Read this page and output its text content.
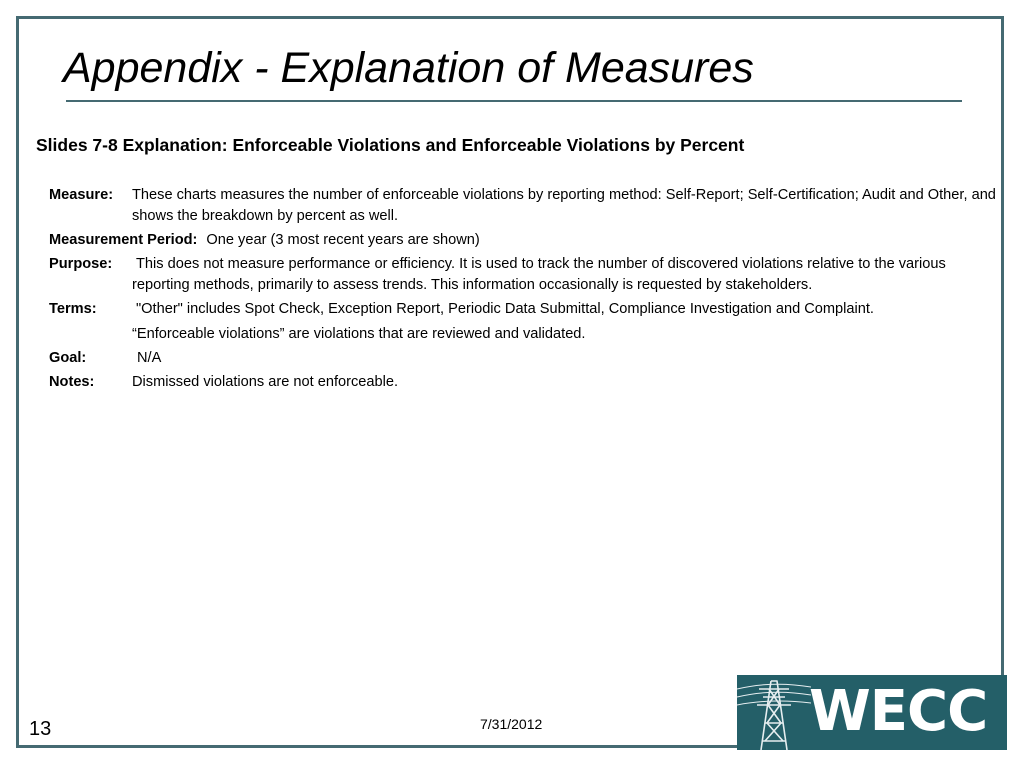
Appendix - Explanation of Measures
Slides 7-8 Explanation: Enforceable Violations and Enforceable Violations by Percent
Measure:	These charts measures the number of enforceable violations by reporting method: Self-Report; Self-Certification; Audit and Other, and shows the breakdown by percent as well.
Measurement Period: One year (3 most recent years are shown)
Purpose:	This does not measure performance or efficiency. It is used to track the number of discovered violations relative to the various reporting methods, primarily to assess trends. This information occasionally is requested by stakeholders.
Terms:	"Other" includes Spot Check, Exception Report, Periodic Data Submittal, Compliance Investigation and Complaint.
“Enforceable violations” are violations that are reviewed and validated.
Goal:	N/A
Notes:	Dismissed violations are not enforceable.
13	7/31/2012	WECC
